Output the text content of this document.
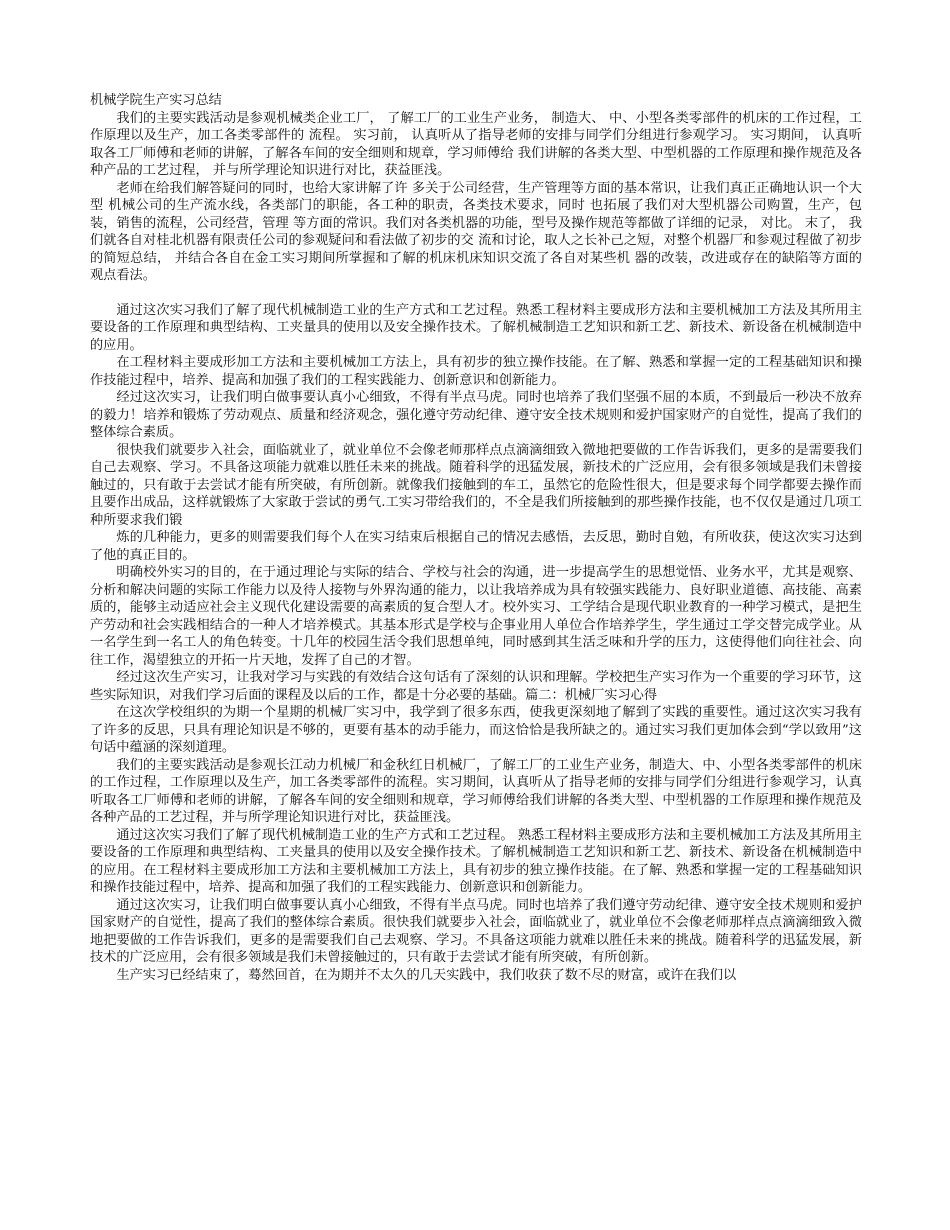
机械学院生产实习总结

我们的主要实践活动是参观机械类企业工厂， 了解工厂的工业生产业务， 制造大、 中、小型各类零部件的机床的工作过程，工作原理以及生产，加工各类零部件的 流程。 实习前， 认真听从了指导老师的安排与同学们分组进行参观学习。 实习期间， 认真听取各工厂师傅和老师的讲解，了解各车间的安全细则和规章，学习师傅给 我们讲解的各类大型、中型机器的工作原理和操作规范及各种产品的工艺过程， 并与所学理论知识进行对比，获益匪浅。

老师在给我们解答疑问的同时，也给大家讲解了许 多关于公司经营，生产管理等方面的基本常识，让我们真正正确地认识一个大型 机械公司的生产流水线，各类部门的职能，各工种的职责，各类技术要求，同时 也拓展了我们对大型机器公司购置，生产，包装，销售的流程，公司经营，管理 等方面的常识。我们对各类机器的功能，型号及操作规范等都做了详细的记录， 对比。 末了， 我们就各自对桂北机器有限责任公司的参观疑问和看法做了初步的交 流和讨论，取人之长补己之短，对整个机器厂和参观过程做了初步的简短总结， 并结合各自在金工实习期间所掌握和了解的机床机床知识交流了各自对某些机 器的改装，改进或存在的缺陷等方面的观点看法。

通过这次实习我们了解了现代机械制造工业的生产方式和工艺过程。熟悉工程材料主要成形方法和主要机械加工方法及其所用主要设备的工作原理和典型结构、工夹量具的使用以及安全操作技术。了解机械制造工艺知识和新工艺、新技术、新设备在机械制造中的应用。

在工程材料主要成形加工方法和主要机械加工方法上，具有初步的独立操作技能。在了解、熟悉和掌握一定的工程基础知识和操作技能过程中，培养、提高和加强了我们的工程实践能力、创新意识和创新能力。

经过这次实习，让我们明白做事要认真小心细致，不得有半点马虎。同时也培养了我们坚强不屈的本质，不到最后一秒决不放弃的毅力！培养和锻炼了劳动观点、质量和经济观念，强化遵守劳动纪律、遵守安全技术规则和爱护国家财产的自觉性，提高了我们的整体综合素质。

很快我们就要步入社会，面临就业了，就业单位不会像老师那样点点滴滴细致入微地把要做的工作告诉我们，更多的是需要我们自己去观察、学习。不具备这项能力就难以胜任未来的挑战。随着科学的迅猛发展，新技术的广泛应用，会有很多领域是我们未曾接触过的，只有敢于去尝试才能有所突破，有所创新。就像我们接触到的车工，虽然它的危险性很大，但是要求每个同学都要去操作而且要作出成品，这样就锻炼了大家敢于尝试的勇气.工实习带给我们的，不全是我们所接触到的那些操作技能，也不仅仅是通过几项工种所要求我们锻

炼的几种能力，更多的则需要我们每个人在实习结束后根据自己的情况去感悟，去反思，勤时自勉，有所收获，使这次实习达到了他的真正目的。

明确校外实习的目的，在于通过理论与实际的结合、学校与社会的沟通，进一步提高学生的思想觉悟、业务水平，尤其是观察、分析和解决问题的实际工作能力以及待人接物与外界沟通的能力，以让我培养成为具有较强实践能力、良好职业道德、高技能、高素质的，能够主动适应社会主义现代化建设需要的高素质的复合型人才。校外实习、工学结合是现代职业教育的一种学习模式，是把生产劳动和社会实践相结合的一种人才培养模式。其基本形式是学校与企事业用人单位合作培养学生，学生通过工学交替完成学业。从一名学生到一名工人的角色转变。十几年的校园生活令我们思想单纯，同时感到其生活乏味和升学的压力，这使得他们向往社会、向往工作，渴望独立的开拓一片天地，发挥了自己的才智。

经过这次生产实习，让我对学习与实践的有效结合这句话有了深刻的认识和理解。学校把生产实习作为一个重要的学习环节，这些实际知识，对我们学习后面的课程及以后的工作，都是十分必要的基础。篇二：机械厂实习心得

在这次学校组织的为期一个星期的机械厂实习中，我学到了很多东西，使我更深刻地了解到了实践的重要性。通过这次实习我有了许多的反思，只具有理论知识是不够的，更要有基本的动手能力，而这恰恰是我所缺之的。通过实习我们更加体会到“学以致用”这句话中蕴涵的深刻道理。

我们的主要实践活动是参观长江动力机械厂和金秋红日机械厂，了解工厂的工业生产业务，制造大、中、小型各类零部件的机床的工作过程，工作原理以及生产，加工各类零部件的流程。实习期间，认真听从了指导老师的安排与同学们分组进行参观学习，认真听取各工厂师傅和老师的讲解，了解各车间的安全细则和规章，学习师傅给我们讲解的各类大型、中型机器的工作原理和操作规范及各种产品的工艺过程，并与所学理论知识进行对比，获益匪浅。

通过这次实习我们了解了现代机械制造工业的生产方式和工艺过程。 熟悉工程材料主要成形方法和主要机械加工方法及其所用主要设备的工作原理和典型结构、工夹量具的使用以及安全操作技术。了解机械制造工艺知识和新工艺、新技术、新设备在机械制造中的应用。在工程材料主要成形加工方法和主要机械加工方法上，具有初步的独立操作技能。在了解、熟悉和掌握一定的工程基础知识和操作技能过程中，培养、提高和加强了我们的工程实践能力、创新意识和创新能力。

通过这次实习，让我们明白做事要认真小心细致，不得有半点马虎。同时也培养了我们遵守劳动纪律、遵守安全技术规则和爱护国家财产的自觉性，提高了我们的整体综合素质。很快我们就要步入社会，面临就业了，就业单位不会像老师那样点点滴滴细致入微地把要做的工作告诉我们，更多的是需要我们自己去观察、学习。不具备这项能力就难以胜任未来的挑战。随着科学的迅猛发展，新技术的广泛应用，会有很多领域是我们未曾接触过的，只有敢于去尝试才能有所突破，有所创新。

生产实习已经结束了，蓦然回首，在为期并不太久的几天实践中，我们收获了数不尽的财富，或许在我们以
